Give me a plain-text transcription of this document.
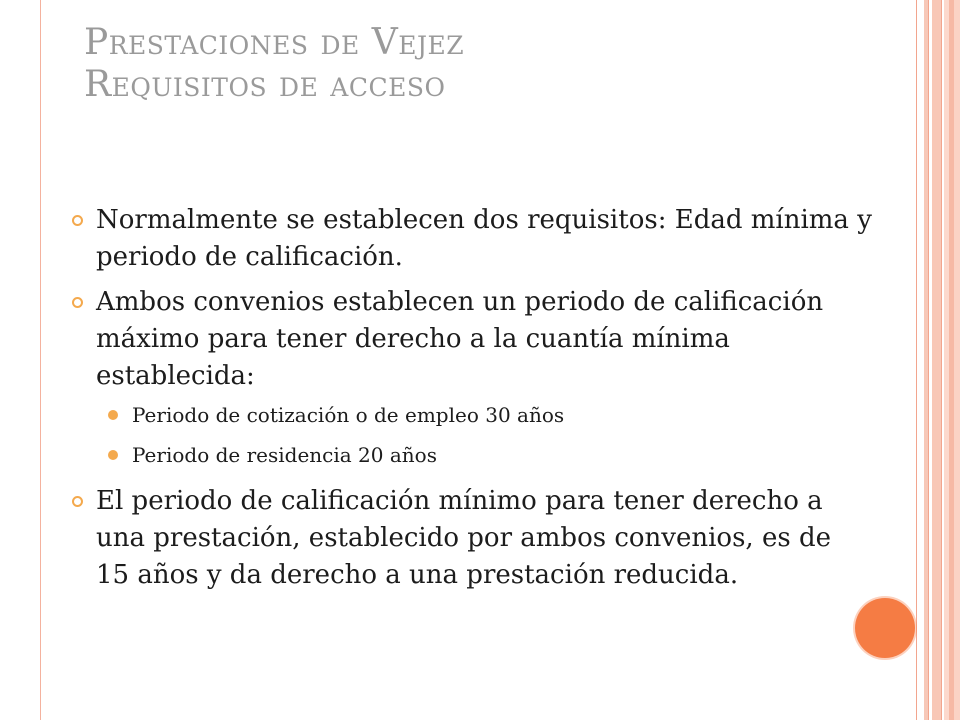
Prestaciones de Vejez
Requisitos de acceso
Normalmente se establecen dos requisitos: Edad mínima y periodo de calificación.
Ambos convenios establecen un periodo de calificación máximo para tener derecho a la cuantía mínima establecida:
Periodo de cotización o de empleo 30 años
Periodo de residencia 20 años
El periodo de calificación mínimo para tener derecho a una prestación, establecido por ambos convenios, es de 15 años y da derecho a una prestación reducida.
